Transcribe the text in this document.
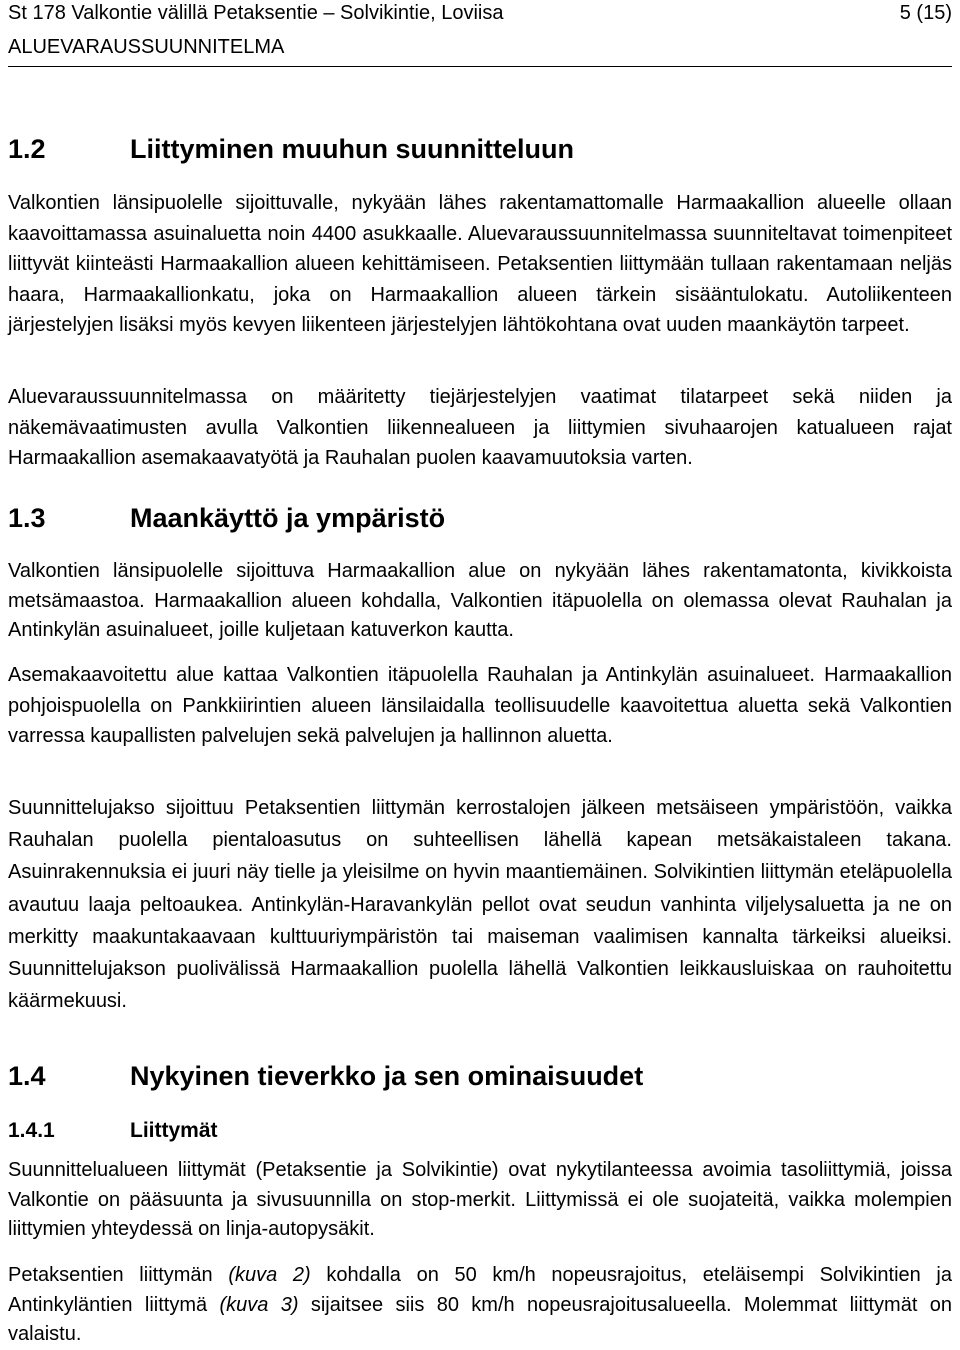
St 178 Valkontie välillä Petaksentie – Solvikintie, Loviisa	5 (15)
ALUEVARAUSSUUNNITELMA
1.2	Liittyminen muuhun suunnitteluun

Valkontien länsipuolelle sijoittuvalle, nykyään lähes rakentamattomalle Harmaakallion alueelle ollaan kaavoittamassa asuinaluetta noin 4400 asukkaalle. Aluevaraussuunnitelmassa suunniteltavat toimenpiteet liittyvät kiinteästi Harmaakallion alueen kehittämiseen. Petaksentien liittymään tullaan rakentamaan neljäs haara, Harmaakallionkatu, joka on Harmaakallion alueen tärkein sisääntulokatu. Autoliikenteen järjestelyjen lisäksi myös kevyen liikenteen järjestelyjen lähtökohtana ovat uuden maankäytön tarpeet.

Aluevaraussuunnitelmassa on määritetty tiejärjestelyjen vaatimat tilatarpeet sekä niiden ja näkemävaatimusten avulla Valkontien liikennealueen ja liittymien sivuhaarojen katualueen rajat Harmaakallion asemakaavatyötä ja Rauhalan puolen kaavamuutoksia varten.

1.3	Maankäyttö ja ympäristö

Valkontien länsipuolelle sijoittuva Harmaakallion alue on nykyään lähes rakentamatonta, kivikkoista metsämaastoa. Harmaakallion alueen kohdalla, Valkontien itäpuolella on olemassa olevat Rauhalan ja Antinkylän asuinalueet, joille kuljetaan katuverkon kautta.

Asemakaavoitettu alue kattaa Valkontien itäpuolella Rauhalan ja Antinkylän asuinalueet. Harmaakallion pohjoispuolella on Pankkiirintien alueen länsilaidalla teollisuudelle kaavoitettua aluetta sekä Valkontien varressa kaupallisten palvelujen sekä palvelujen ja hallinnon aluetta.

Suunnittelujakso sijoittuu Petaksentien liittymän kerrostalojen jälkeen metsäiseen ympäristöön, vaikka Rauhalan puolella pientaloasutus on suhteellisen lähellä kapean metsäkaistaleen takana. Asuinrakennuksia ei juuri näy tielle ja yleisilme on hyvin maantiemäinen. Solvikintien liittymän eteläpuolella avautuu laaja peltoaukea. Antinkylän-Haravankylän pellot ovat seudun vanhinta viljelysaluetta ja ne on merkitty maakuntakaavaan kulttuuriympäristön tai maiseman vaalimisen kannalta tärkeiksi alueiksi. Suunnittelujakson puolivälissä Harmaakallion puolella lähellä Valkontien leikkausluiskaa on rauhoitettu käärmekuusi.

1.4	Nykyinen tieverkko ja sen ominaisuudet
1.4.1	Liittymät

Suunnittelualueen liittymät (Petaksentie ja Solvikintie) ovat nykytilanteessa avoimia tasoliittymiä, joissa Valkontie on pääsuunta ja sivusuunnilla on stop-merkit. Liittymissä ei ole suojateitä, vaikka molempien liittymien yhteydessä on linja-autopysäkit.

Petaksentien liittymän (kuva 2) kohdalla on 50 km/h nopeusrajoitus, eteläisempi Solvikintien ja Antinkyläntien liittymä (kuva 3) sijaitsee siis 80 km/h nopeusrajoitusalueella. Molemmat liittymät on valaistu.
